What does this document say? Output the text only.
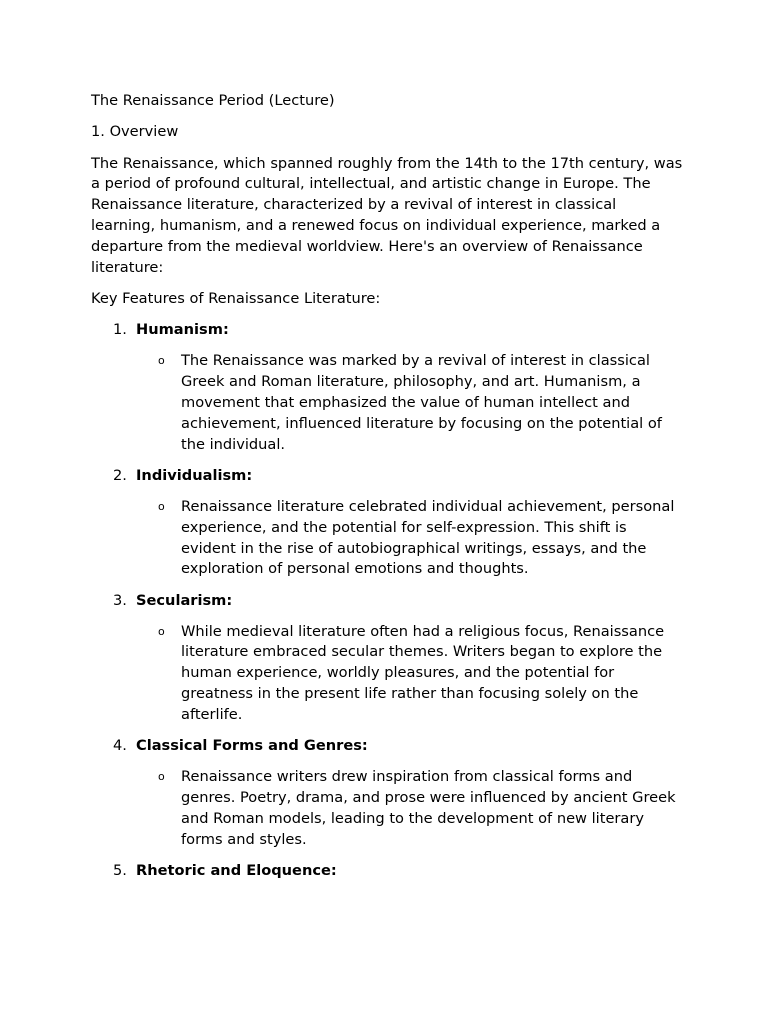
The Renaissance Period (Lecture)
1. Overview
The Renaissance, which spanned roughly from the 14th to the 17th century, was a period of profound cultural, intellectual, and artistic change in Europe. The Renaissance literature, characterized by a revival of interest in classical learning, humanism, and a renewed focus on individual experience, marked a departure from the medieval worldview. Here's an overview of Renaissance literature:
Key Features of Renaissance Literature:
1. Humanism:
o The Renaissance was marked by a revival of interest in classical Greek and Roman literature, philosophy, and art. Humanism, a movement that emphasized the value of human intellect and achievement, influenced literature by focusing on the potential of the individual.
2. Individualism:
o Renaissance literature celebrated individual achievement, personal experience, and the potential for self-expression. This shift is evident in the rise of autobiographical writings, essays, and the exploration of personal emotions and thoughts.
3. Secularism:
o While medieval literature often had a religious focus, Renaissance literature embraced secular themes. Writers began to explore the human experience, worldly pleasures, and the potential for greatness in the present life rather than focusing solely on the afterlife.
4. Classical Forms and Genres:
o Renaissance writers drew inspiration from classical forms and genres. Poetry, drama, and prose were influenced by ancient Greek and Roman models, leading to the development of new literary forms and styles.
5. Rhetoric and Eloquence:
